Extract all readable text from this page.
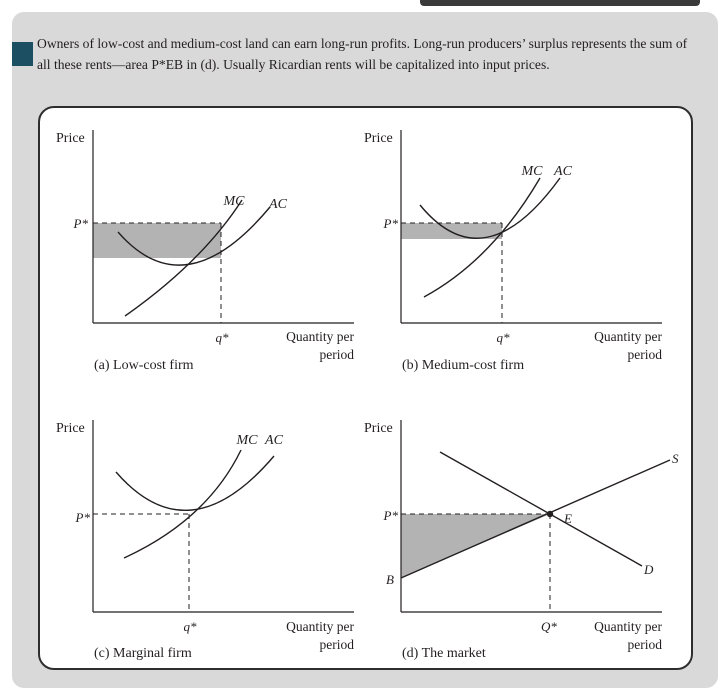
Owners of low-cost and medium-cost land can earn long-run profits. Long-run producers’ surplus represents the sum of all these rents—area P*EB in (d). Usually Ricardian rents will be capitalized into input prices.

Price
P*
q*
MC AC
Quantity per
period
(a) Low-cost firm
Price
P*
q*
MC AC
Quantity per
period
(b) Medium-cost firm
Price
P*
q*
MC AC
Quantity per
period
(c) Marginal firm
Price
P*
B
E
S
D
Q*	Quantity per
period
(d) The market
